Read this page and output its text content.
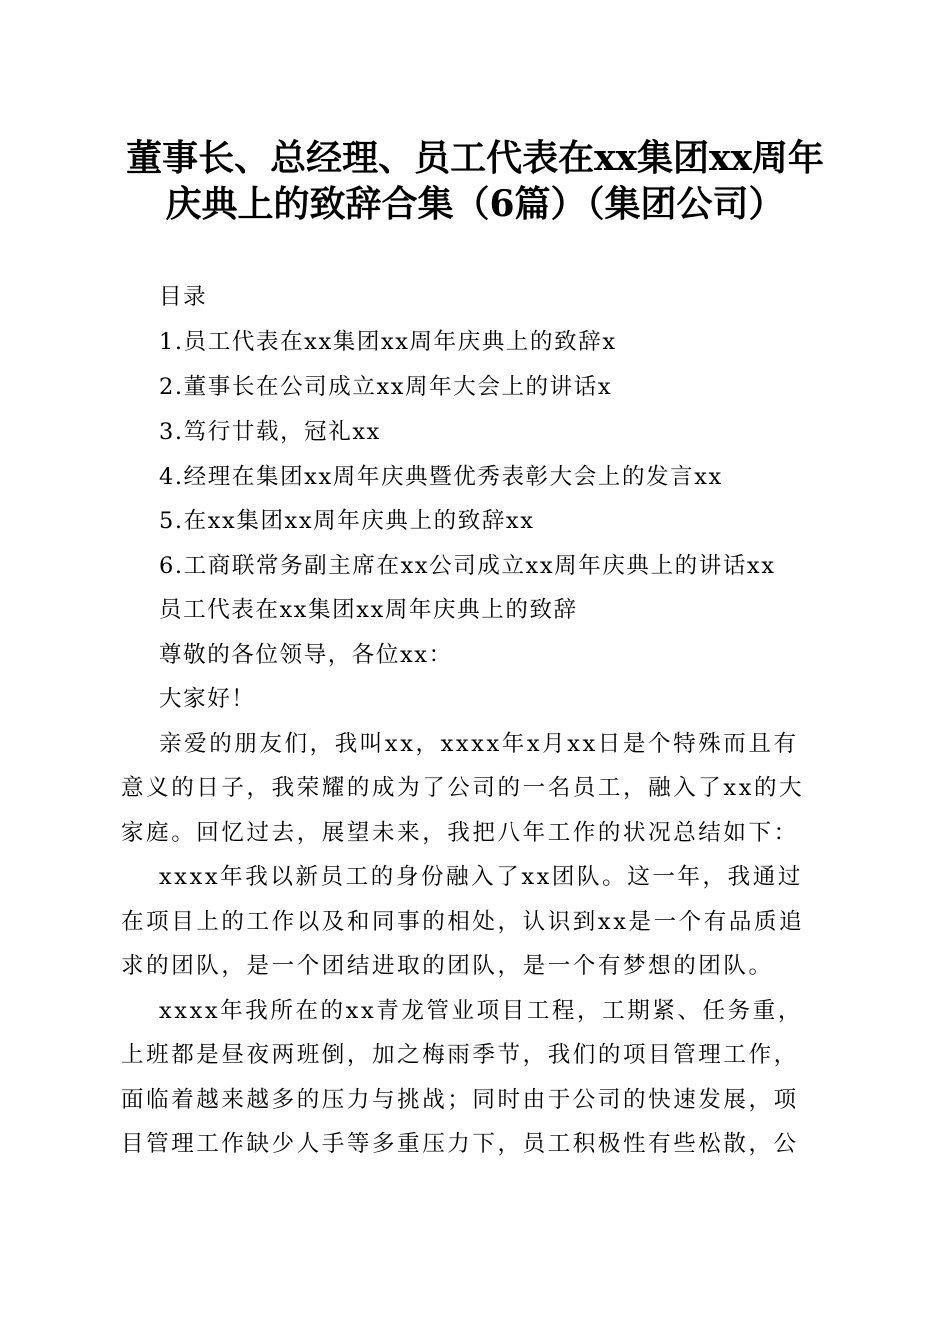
董事长、总经理、员工代表在xx集团xx周年
庆典上的致辞合集（6篇）（集团公司）
目录
1.员工代表在xx集团xx周年庆典上的致辞x
2.董事长在公司成立xx周年大会上的讲话x
3.笃行廿载，冠礼xx
4.经理在集团xx周年庆典暨优秀表彰大会上的发言xx
5.在xx集团xx周年庆典上的致辞xx
6.工商联常务副主席在xx公司成立xx周年庆典上的讲话xx
员工代表在xx集团xx周年庆典上的致辞
尊敬的各位领导，各位xx：
大家好！
亲爱的朋友们，我叫xx，xxxx年x月xx日是个特殊而且有
意义的日子，我荣耀的成为了公司的一名员工，融入了xx的大
家庭。回忆过去，展望未来，我把八年工作的状况总结如下：
xxxx年我以新员工的身份融入了xx团队。这一年，我通过
在项目上的工作以及和同事的相处，认识到xx是一个有品质追
求的团队，是一个团结进取的团队，是一个有梦想的团队。
xxxx年我所在的xx青龙管业项目工程，工期紧、任务重，
上班都是昼夜两班倒，加之梅雨季节，我们的项目管理工作，
面临着越来越多的压力与挑战；同时由于公司的快速发展，项
目管理工作缺少人手等多重压力下，员工积极性有些松散，公
